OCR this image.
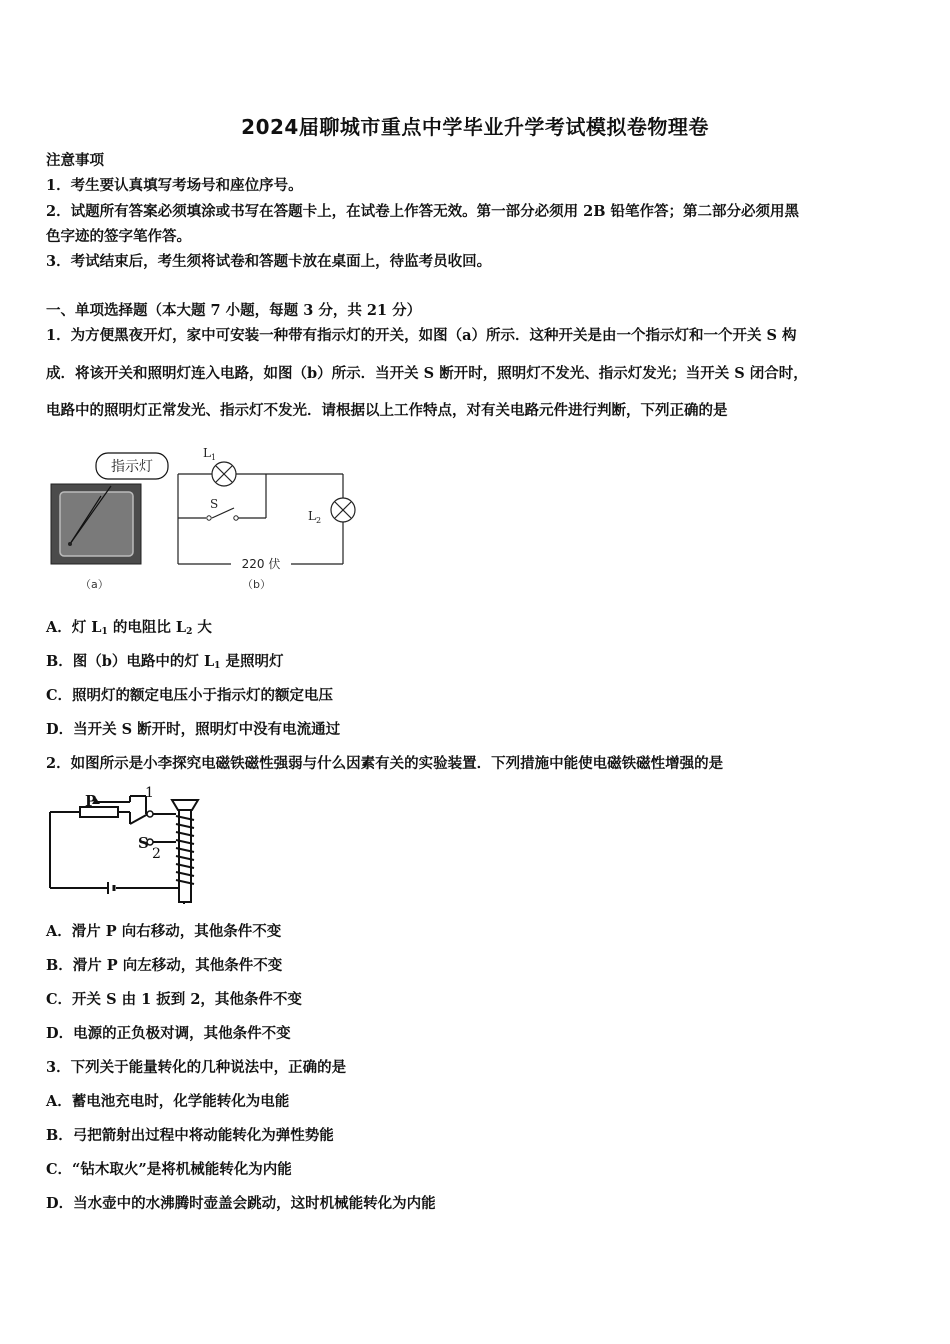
2024届聊城市重点中学毕业升学考试模拟卷物理卷
注意事项
1．考生要认真填写考场号和座位序号。
2．试题所有答案必须填涂或书写在答题卡上，在试卷上作答无效。第一部分必须用 2B 铅笔作答；第二部分必须用黑
色字迹的签字笔作答。
3．考试结束后，考生须将试卷和答题卡放在桌面上，待监考员收回。
一、单项选择题（本大题 7 小题，每题 3 分，共 21 分）
1．为方便黑夜开灯，家中可安装一种带有指示灯的开关，如图（a）所示．这种开关是由一个指示灯和一个开关 S 构
成．将该开关和照明灯连入电路，如图（b）所示．当开关 S 断开时，照明灯不发光、指示灯发光；当开关 S 闭合时，
电路中的照明灯正常发光、指示灯不发光．请根据以上工作特点，对有关电路元件进行判断，下列正确的是
指示灯
（a）
$L_1$
S
$L_2$
220 伏
（b）
A．灯 $L_1$ 的电阻比 $L_2$ 大
B．图（b）电路中的灯 $L_1$ 是照明灯
C．照明灯的额定电压小于指示灯的额定电压
D．当开关 S 断开时，照明灯中没有电流通过
2．如图所示是小李探究电磁铁磁性强弱与什么因素有关的实验装置．下列措施中能使电磁铁磁性增强的是
P	1
S
2
A．滑片 P 向右移动，其他条件不变
B．滑片 P 向左移动，其他条件不变
C．开关 S 由 1 扳到 2，其他条件不变
D．电源的正负极对调，其他条件不变
3．下列关于能量转化的几种说法中，正确的是
A．蓄电池充电时，化学能转化为电能
B．弓把箭射出过程中将动能转化为弹性势能
C．“钻木取火”是将机械能转化为内能
D．当水壶中的水沸腾时壶盖会跳动，这时机械能转化为内能
